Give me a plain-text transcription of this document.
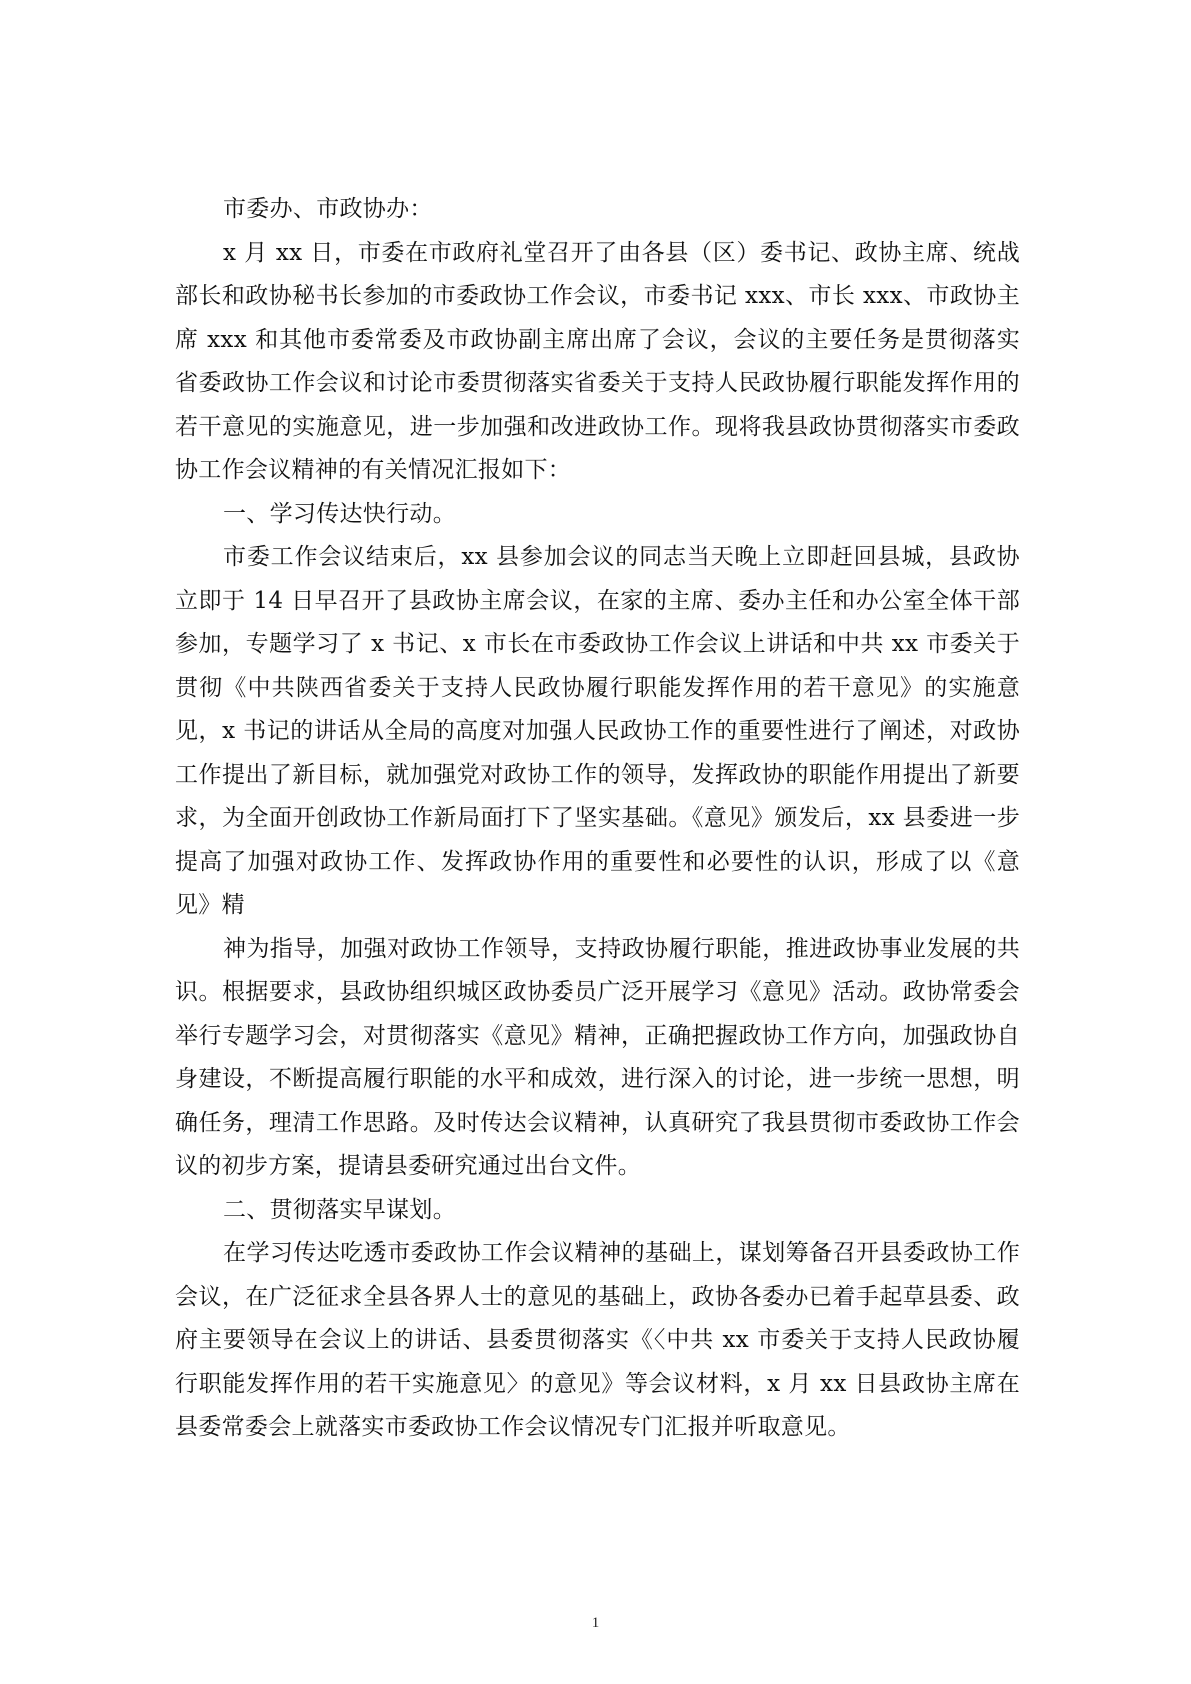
市委办、市政协办：

x 月 xx 日，市委在市政府礼堂召开了由各县（区）委书记、政协主席、统战部长和政协秘书长参加的市委政协工作会议，市委书记 xxx、市长 xxx、市政协主席 xxx 和其他市委常委及市政协副主席出席了会议，会议的主要任务是贯彻落实省委政协工作会议和讨论市委贯彻落实省委关于支持人民政协履行职能发挥作用的若干意见的实施意见，进一步加强和改进政协工作。现将我县政协贯彻落实市委政协工作会议精神的有关情况汇报如下：

一、学习传达快行动。

市委工作会议结束后，xx 县参加会议的同志当天晚上立即赶回县城，县政协立即于 14 日早召开了县政协主席会议，在家的主席、委办主任和办公室全体干部参加，专题学习了 x 书记、x 市长在市委政协工作会议上讲话和中共 xx 市委关于贯彻《中共陕西省委关于支持人民政协履行职能发挥作用的若干意见》的实施意见，x 书记的讲话从全局的高度对加强人民政协工作的重要性进行了阐述，对政协工作提出了新目标，就加强党对政协工作的领导，发挥政协的职能作用提出了新要求，为全面开创政协工作新局面打下了坚实基础。《意见》颁发后，xx 县委进一步提高了加强对政协工作、发挥政协作用的重要性和必要性的认识，形成了以《意见》精

神为指导，加强对政协工作领导，支持政协履行职能，推进政协事业发展的共识。根据要求，县政协组织城区政协委员广泛开展学习《意见》活动。政协常委会举行专题学习会，对贯彻落实《意见》精神，正确把握政协工作方向，加强政协自身建设，不断提高履行职能的水平和成效，进行深入的讨论，进一步统一思想，明确任务，理清工作思路。及时传达会议精神，认真研究了我县贯彻市委政协工作会议的初步方案，提请县委研究通过出台文件。

二、贯彻落实早谋划。

在学习传达吃透市委政协工作会议精神的基础上，谋划筹备召开县委政协工作会议，在广泛征求全县各界人士的意见的基础上，政协各委办已着手起草县委、政府主要领导在会议上的讲话、县委贯彻落实《〈中共 xx 市委关于支持人民政协履行职能发挥作用的若干实施意见〉的意见》等会议材料，x 月 xx 日县政协主席在县委常委会上就落实市委政协工作会议情况专门汇报并听取意见。

1
